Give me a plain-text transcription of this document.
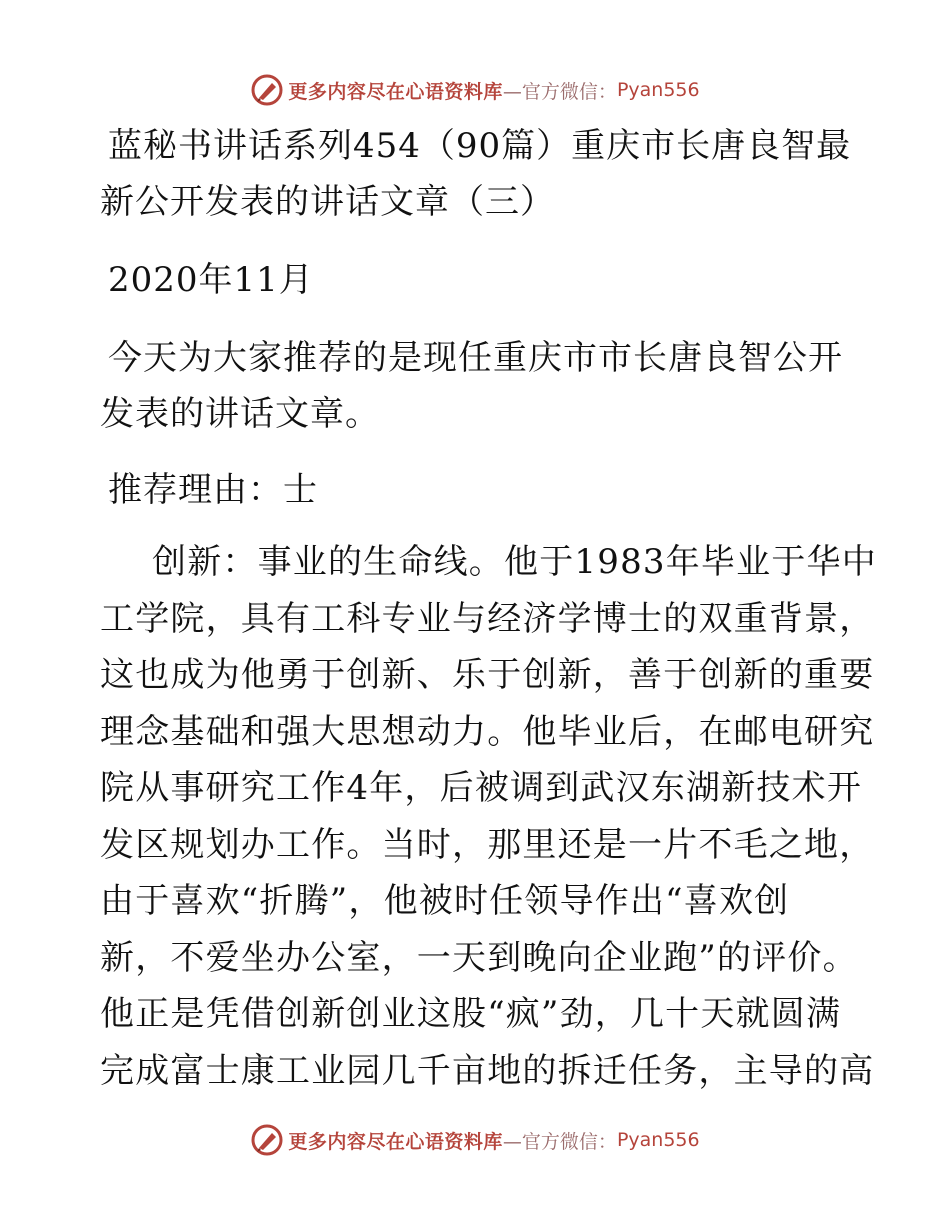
更多内容尽在心语资料库 —官方微信： Pyan556
蓝秘书讲话系列454（90篇）重庆市长唐良智最
新公开发表的讲话文章（三）

2020年11月

今天为大家推荐的是现任重庆市市长唐良智公开
发表的讲话文章。

推荐理由：士

创新：事业的生命线。他于1983年毕业于华中
工学院，具有工科专业与经济学博士的双重背景，
这也成为他勇于创新、乐于创新，善于创新的重要
理念基础和强大思想动力。他毕业后，在邮电研究
院从事研究工作4年，后被调到武汉东湖新技术开
发区规划办工作。当时，那里还是一片不毛之地，
由于喜欢“折腾”，他被时任领导作出“喜欢创
新，不爱坐办公室，一天到晚向企业跑”的评价。
他正是凭借创新创业这股“疯”劲，几十天就圆满
完成富士康工业园几千亩地的拆迁任务，主导的高

更多内容尽在心语资料库 —官方微信： Pyan556
